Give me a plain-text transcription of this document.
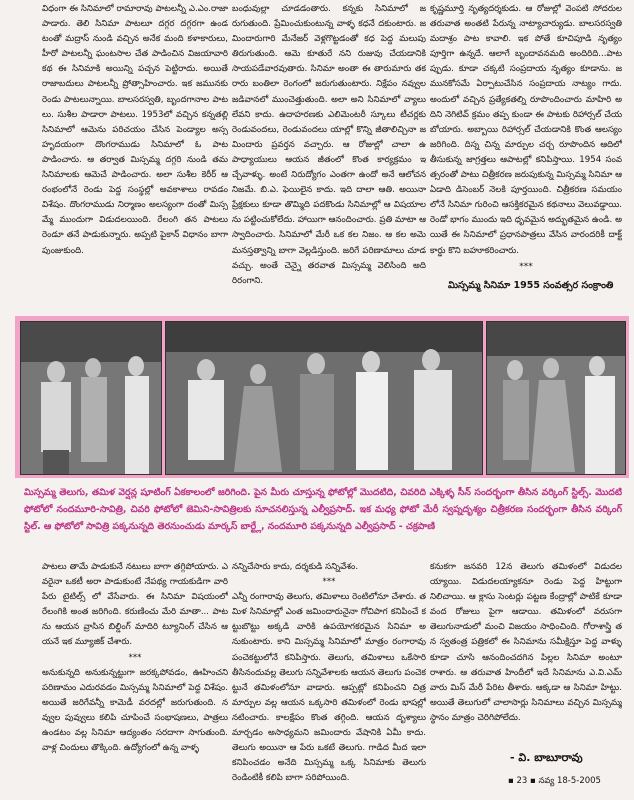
విధంగా ఈ సినిమాలో రామారావు పాటలన్నీ ఎ.ఎం.రాజా పాడారు. తెలి సినిమా పాటలూ దగ్గర దగ్గరగా ఉండటంతో మద్రాస్ నుండి వచ్చిన అనేక మంది కళాకారులు, హీరో పాటలన్నీ ఘంటసాల చేత పాడించిన విజయావారి కథ ఈ సినిమాకి అయిన్ని పచ్చన పెట్టిరాదు. అయితే రాజాబదులు పాటలన్నీ ప్రోత్సాహించారు. ఇక జమునకు రెండు పాటలున్నాయి. బాలసరస్వతి, బృందగానాల పాటలు. సుశీల పాడారా పాటలు. 1953లో వచ్చిన కన్నతల్లి సినిమాలో ఆమెను పరిచయం చేసిన పెండ్యాల అస్సహృదయంగా దొంగరాముడు సినిమాలో ఓ పాట పాడించారు. ఆ తర్వాత మిస్సమ్మ దగ్గరి నుండి తమ సినిమాలకు ఆమెచే పాడించారు. అలా సుశీల కెరీర్ ఆరంభంలోనే రెండు పెద్ద సంస్థల్లో అవకాశాలు రావడం విశేషం. దొంగరాముడు నిర్మాణం అలస్యంగా దంతో మిస్సమ్మే ముందుగా విడుదలయింది. రేలంగి తన పాటలు రెండూ తనే పాడుకున్నారు. అప్పటి పైకాన్ విధానం బాగా పుంజుకుంది.

బంధువుల్లా చూడడంతారు. కన్నకు సినిమాలో జరుగుతుంది. ప్రేమించుకుంటున్న వాళ్ళ కధనే దకుంటారు. జమిందారుగారి మేనేజర్ వెళ్లగొట్టడంతో కధ పెద్ద మలుపు తిరుగుతుంది. ఆమె కూతురే నని రుజువు చేయడానికి సాయపడేవారవుతారు. సినిమా అంతా ఈ తారుమారు తకరారు బంతిలా రెంగంలో జరుగుతుంటారు. నిక్షేపం నవ్వుల జడివానలో ముంచెత్తుతుంది. అలా అని సినిమాలో వ్యాలు లేవని కాదు. ఉదాహరణకు ఎలిమెంటరీ స్కూలు టీచర్లకు రెండువందలు, రెండువందలు యాల్లో కొన్ని జీతాలిచ్చినా జమిందారు ప్రవర్తన వచ్చారు. ఆ రోజుల్లో చాలా ఉపాధ్యాయులు ఆయన జీతంలో కొంత కార్యక్రమం ఇచ్చేవాళ్ళు. అంటే నిరుద్యోగం ఎంతగా ఉందో అనే ఆలోచన నిజమే. బి.ఎ. ఫెయిలైన కాదు. ఇది దాలా ఆతి. అయినా ప్రేక్షకులు కూడా తొమ్మిది పదకొండు సినిమాల్లో ఆ విషయాలను పట్టించుకోలేదు. హాయిగా ఆనందించారు. ప్రతి మాటా ఆస్వాదించారు. సినిమాలో మేరీ ఒక కల నిజం. ఆ కల అమె మనస్తత్వాన్ని బాగా వెల్లడిస్తుంది. జరిగే పరిణామాలు చూడవచ్చు. అంతే చెన్నై తరవాత మిస్సమ్మ వెలిసింది అది రిరంగాని.

కృష్ణమూర్తి నృత్యదర్శకుడు. ఆ రోజుల్లో వెంపటి సోదరుల తరువాత అంతటి పేరున్న నాట్యాచార్యుడు. బాలసరస్వతి మదాశ్రం పాట కావాలి. ఇక పోతే కూచిపూడి నృత్యం పూర్తిగా ఉన్నదే. ఆలాగే బృందావనమది అందిరిది...పాటప్పుడు. కూడా చక్కటి సంప్రదాయ నృత్యం కూడాను. జమునకోసమే ఏర్పాటుచేసిన సంప్రదాయ నాట్యం గాదు. అందులో వచ్చిన ప్రత్యేకతల్ని రూపొందించారు మాహిరి అదిని నెగిటివ్ క్రమం తప్ప కుండా ఈ పాటకు రిహార్సల్ చేయబోయారు. అబ్బాయి రిహార్సల్ చేయడానికి కొంత ఆలస్యం జరిగింది. దిస్న చిన్న మార్పుల చర్చ రూపొందిన ఆదిలో తీసుకున్న జాగ్రత్తలు ఆపాటల్లో కనిపిస్తాయి. 1954 సంవత్సరంతో పాటు చిత్రీకరణ జరుపుకున్న మిస్సమ్మ సినిమా ఆ ఏడాది డిసెంబర్ నెలకి పూర్తయింది. చిత్రీకరణ సమయం లోనే సినిమా గురించి ఆసక్తికరమైన కథనాలు వెలువడ్డాయి. రెండో భాగం ముందు ఇది ధృవమైన అద్భుతమైన ఉండి. అయితే ఈ సినిమాలో ప్రధానపాత్రలు వేసిన వారందరికీ దాక్ట్ కార్డు కొని బహూకరించారు.

***
మిస్సమ్మ సినిమా 1955 సంవత్సర సంక్రాంతి

మిస్సమ్మ తెలుగు, తమిళ వెర్షన్ల షూటింగ్ ఏకకాలంలో జరిగింది. పైన మీరు చూస్తున్న ఫోటోల్లో మొదటిది, చివరిది ఎక్కిళ్ళ సీన్ సందర్భంగా తీసిన వర్కింగ్ స్టిల్స్. మొదటి ఫోటోలో నందమూరి-సావిత్రి, చివరి ఫోటోలో జెమిని-సావిత్రిలకు సూచనలిస్తున్న ఎల్వీప్రసాద్. ఇక మధ్య ఫోటో మేరీ స్వప్నదృశ్యం చిత్రీకరణ సందర్భంగా తీసిన వర్కింగ్ స్టిల్. ఆ ఫోటోలో సావిత్రి పక్కనున్నది తెరనుంచుడు మార్కస్ బార్ట్లే, నందమూరి పక్కనున్నది ఎల్వీప్రసాద్ - చక్రపాణి

పాటలు తామే పాడుకునే నటులు బాగా తగ్గిపోయారు. ఎవరైనా ఒకటీ అరా పాడుకుంటే నేపథ్య గాయకుడిగా వారి పేరు టైటిల్స్ లో వేసేవారు. ఈ సినిమా విషయంలో రేలంగికి అంత జరిగింది. కరుణించు మేరి మాతా... పాటను ఆయన వ్రాసిన బిల్డింగ్ మాదిరి ట్యూనింగ్ చేసిన ఆయనే ఇక మ్యూజిక్ చేశారు.

***

అనుకున్నది అనుకున్నట్టుగా జరక్కపోవడం, ఊహించని పరిణామం ఎదురవడం మిస్సమ్మ సినిమాలో పెద్ద విశేషం. అయితే జరిగేవన్నీ కామెడీ వరదల్లో జరుగుతుంది. నవ్వుల పువ్వులు కలిపి చూపించే సంభాషణలు, పాత్రలు ఉండటం వల్ల సినిమా ఆద్యంతం సరదాగా సాగుతుంది. వాళ్ల చిందులు తొక్కింది. ఉద్యోగంలో ఉన్న వాళ్ళ

నన్నిచేసారు కాదు, దర్శకుడి సన్నివేశం.

***

ఎన్నీ రంగారావు తెలుగు, తమిళాలు రెంటిలోనూ చేశారు. తమిళ సినిమాల్లో ఎంత జమిందారునైనా గోచిపాగ కనిపించే కట్టుబొట్టు అక్కడి వారికి ఉపయోగకరమైన సినిమా అనుకుంటారు. కాని మిస్సమ్మ సినిమాలో మాత్రం రంగారావు పంచెకట్టులోనే కనిపిస్తారు. తెలుగు, తమిళాలు ఒకేసారి తీసినందువల్ల తెలుగు సన్నివేశాలకు ఆయన తెలుగు పంచెకట్టునే తమిళంలోనూ వాడారు. ఆప్పట్లో కనిపించని చిత్ర మార్పుల వల్ల ఆయన ఒక్కసారి తమిళంలో రెండు భాషల్లో నటించారు. కాలక్షేపం కొంత తగ్గింది. ఆయన దృశ్యాలు మార్చడం అసాధ్యమని జమిందారు వేషానికి ఏమీ కాదు. తెలుగు అయినా ఆ పేరు ఒకటే తెలుగు. గాడిద మీద ఇలా కనిపించడం అనేది మిస్సమ్మ ఒక్క సినిమాకు తెలుగు రెండింటికీ కలిపి బాగా సరిపోయింది.

కనుకగా జనవరి 12న తెలుగు తమిళంలో విడుదలయ్యాయి. విడుదలయ్యాకనూ రెండు పెద్ద హిట్టుగా నిలిచాయి. ఆ క్లాసు సెంటర్లు పట్టణ కేంద్రాల్లో పాటికే కూడా వంద రోజులు పైగా ఆడాయి. తమిళంలో వరుసగా తెలుగునాడులో మంచి విజయం సాధించింది. గోరాశాస్త్రి తన స్వతంత్ర పత్రికలో ఈ సినిమాను సమీక్షిస్తూ పెద్ద వాళ్ళు కూడా చూసి ఆనందించదగిన పిల్లల సినిమా అంటూ రాశారు. ఆ తరువాత హిందీలో ఇదే సినిమాను ఎ.వి.ఎమ్ వారు మిస్ మేరీ పేరిట తీశారు. ఆక్కడా ఆ సినిమా హిట్టు. అయితే తెలుగులో చాలాసార్లు సినిమాలు వచ్చిన మిస్సమ్మ స్థానం మాత్రం చెరిగిపోలేదు.

- వి. బాబూరావు
▪ 23 ▪ నవ్య 18-5-2005
